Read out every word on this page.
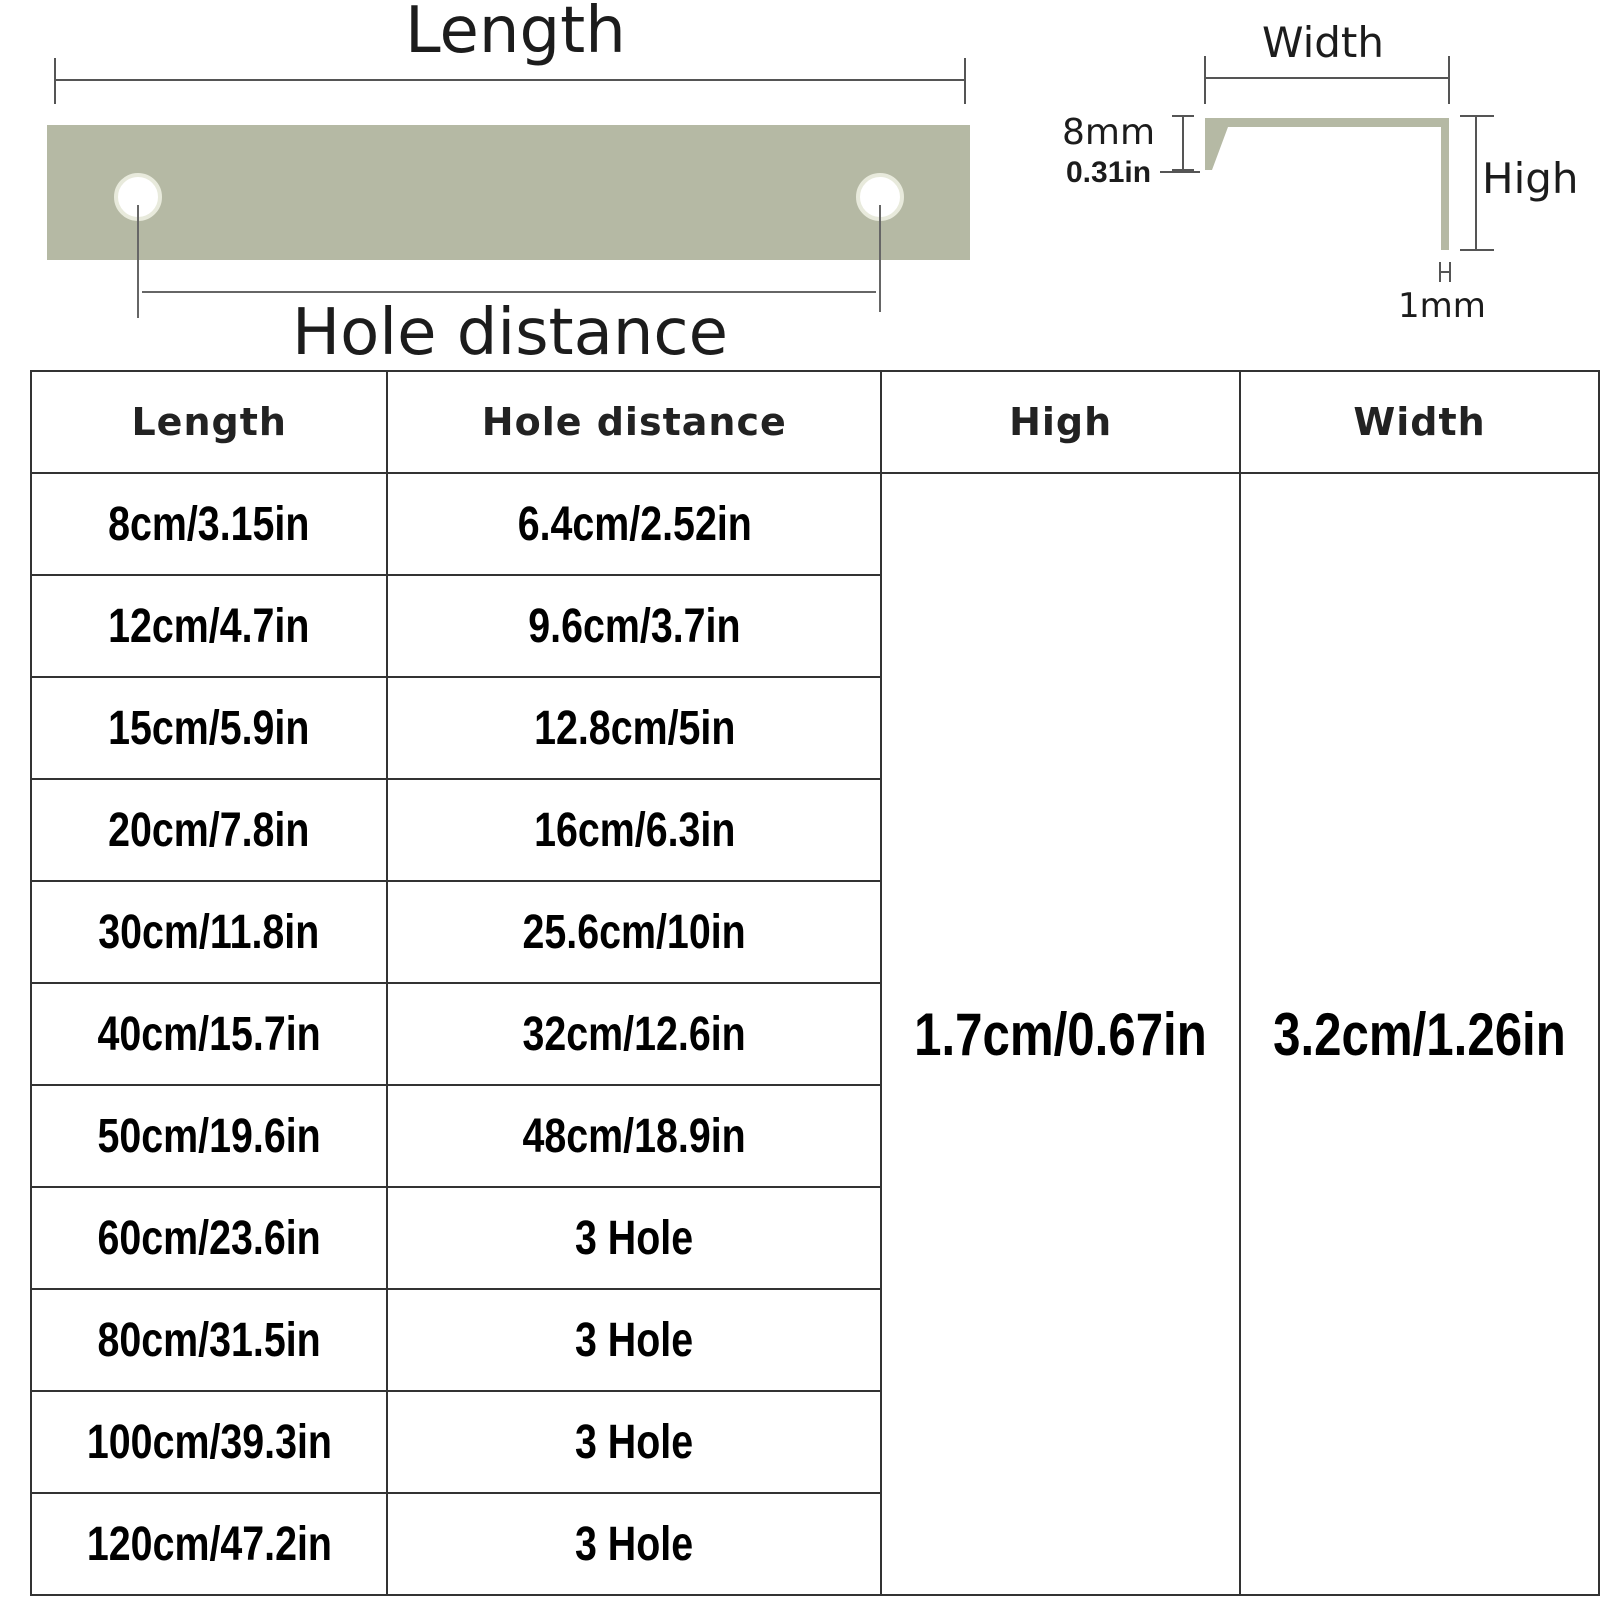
Length
Hole distance
Width
High
8mm
0.31in
1mm
Length	Hole distance	High	Width
8cm/3.15in	6.4cm/2.52in	1.7cm/0.67in	3.2cm/1.26in
12cm/4.7in	9.6cm/3.7in		
15cm/5.9in	12.8cm/5in		
20cm/7.8in	16cm/6.3in		
30cm/11.8in	25.6cm/10in		
40cm/15.7in	32cm/12.6in		
50cm/19.6in	48cm/18.9in		
60cm/23.6in	3 Hole		
80cm/31.5in	3 Hole		
100cm/39.3in	3 Hole		
120cm/47.2in	3 Hole		
